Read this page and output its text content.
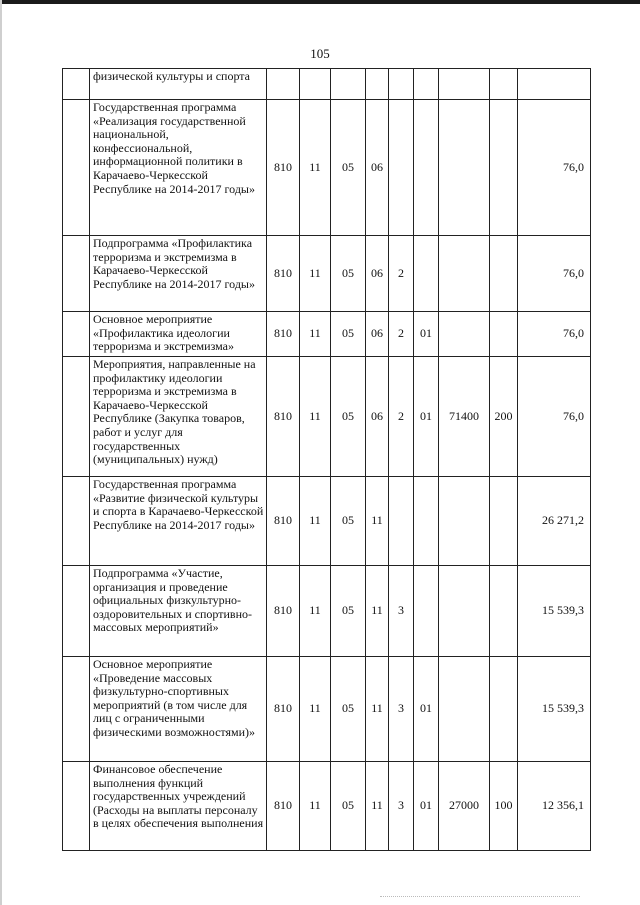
105
	физической культуры и спорта									
	Государственная программа «Реализация государственной национальной, конфессиональной, информационной политики в Карачаево-Черкесской Республике на 2014-2017 годы»	810	11	05	06					76,0
	Подпрограмма «Профилактика терроризма и экстремизма в Карачаево-Черкесской Республике на 2014-2017 годы»	810	11	05	06	2				76,0
	Основное мероприятие «Профилактика идеологии терроризма и экстремизма»	810	11	05	06	2	01			76,0
	Мероприятия, направленные на профилактику идеологии терроризма и экстремизма в Карачаево-Черкесской Республике (Закупка товаров, работ и услуг для государственных (муниципальных) нужд)	810	11	05	06	2	01	71400	200	76,0
	Государственная программа «Развитие физической культуры и спорта в Карачаево-Черкесской Республике на 2014-2017 годы»	810	11	05	11					26 271,2
	Подпрограмма «Участие, организация и проведение официальных физкультурно-оздоровительных и спортивно-массовых мероприятий»	810	11	05	11	3				15 539,3
	Основное мероприятие «Проведение массовых физкультурно-спортивных мероприятий (в том числе для лиц с ограниченными физическими возможностями)»	810	11	05	11	3	01			15 539,3
	Финансовое обеспечение выполнения функций государственных учреждений (Расходы на выплаты персоналу в целях обеспечения выполнения	810	11	05	11	3	01	27000	100	12 356,1
